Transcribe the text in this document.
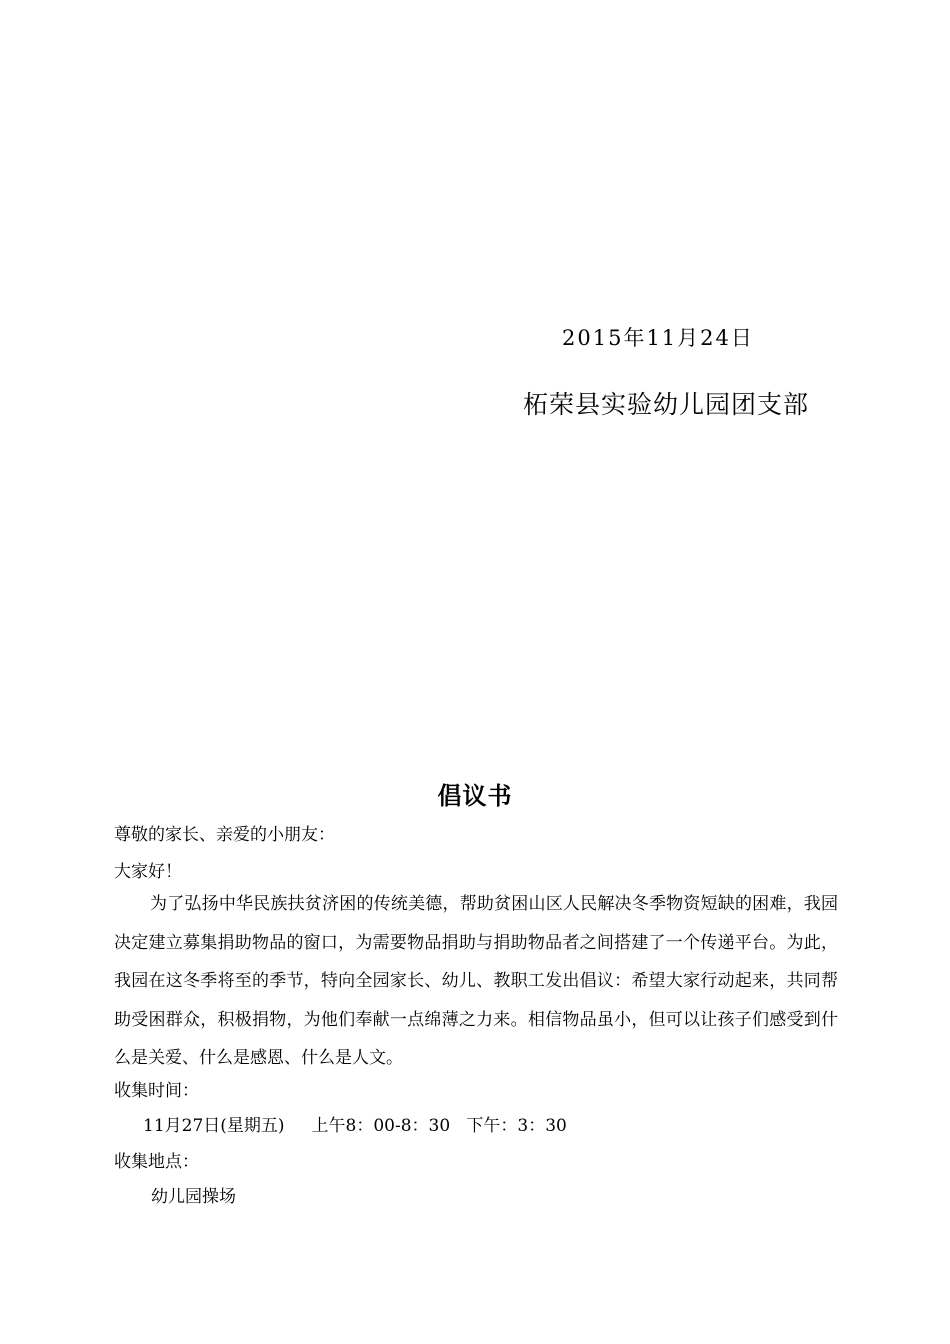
2015年11月24日
柘荣县实验幼儿园团支部
倡议书
尊敬的家长、亲爱的小朋友：
大家好！
为了弘扬中华民族扶贫济困的传统美德，帮助贫困山区人民解决冬季物资短缺的困难，我园决定建立募集捐助物品的窗口，为需要物品捐助与捐助物品者之间搭建了一个传递平台。为此，我园在这冬季将至的季节，特向全园家长、幼儿、教职工发出倡议：希望大家行动起来，共同帮助受困群众，积极捐物，为他们奉献一点绵薄之力来。相信物品虽小，但可以让孩子们感受到什么是关爱、什么是感恩、什么是人文。
收集时间：
11月27日(星期五)     上午8：00-8：30   下午：3：30
收集地点：
幼儿园操场
